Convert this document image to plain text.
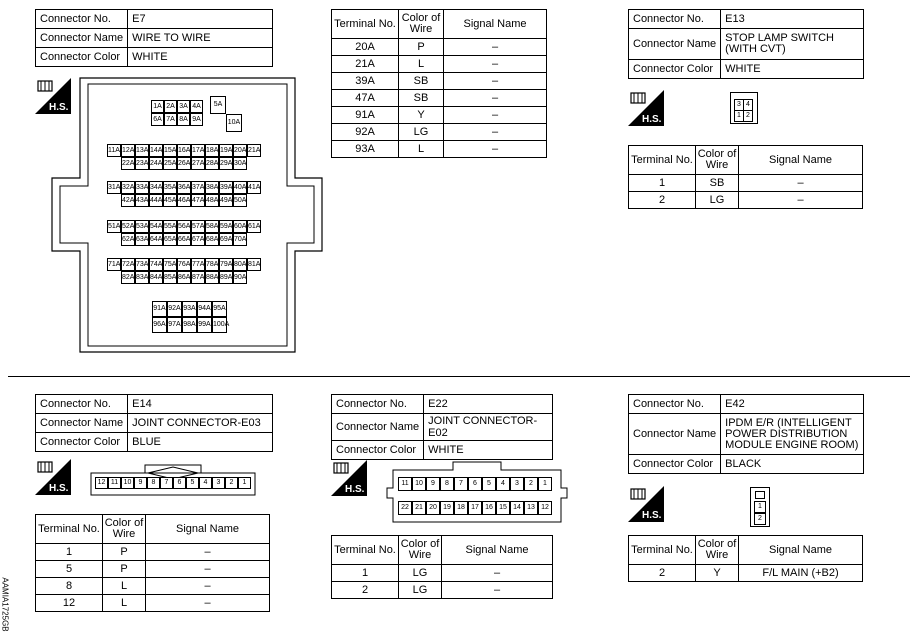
Connector No.	E7
Connector Name	WIRE TO WIRE
Connector Color	WHITE
H.S.	1A 2A 3A 4A
6A 7A 8A 9A
5A
10A
11A 12A 13A 14A 15A 16A 17A 18A 19A 20A 21A
22A 23A 24A 25A 26A 27A 28A 29A 30A
31A 32A 33A 34A 35A 36A 37A 38A 39A 40A 41A
42A 43A 44A 45A 46A 47A 48A 49A 50A
51A 52A 53A 54A 55A 56A 57A 58A 59A 60A 61A
62A 63A 64A 65A 66A 67A 68A 69A 70A
71A 72A 73A 74A 75A 76A 77A 78A 79A 80A 81A
82A 83A 84A 85A 86A 87A 88A 89A 90A
91A 92A 93A 94A 95A
96A 97A 98A 99A 100A
Terminal No.	Color of Wire	Signal Name
20A	P	–
21A	L	–
39A	SB	–
47A	SB	–
91A	Y	–
92A	LG	–
93A	L	–
Connector No.	E13
Connector Name	STOP LAMP SWITCH (WITH CVT)
Connector Color	WHITE
H.S.
3 4
1 2
Terminal No.	Color of Wire	Signal Name
1	SB	–
2	LG	–
Connector No.	E14
Connector Name	JOINT CONNECTOR-E03
Connector Color	BLUE
H.S.
12 11 10	9	8	7	6	5	4	3	2	1
Terminal No.	Color of Wire	Signal Name
1	P	–
5	P	–
8	L	–
12	L	–
Connector No.	E22
Connector Name	JOINT CONNECTOR-E02
Connector Color	WHITE
H.S.
11 10	9	8	7	6	5	4	3	2	1
22 21 20 19 18 17 16 15 14 13 12
Terminal No.	Color of Wire	Signal Name
1	LG	–
2	LG	–
Connector No.	E42
Connector Name	IPDM E/R (INTELLIGENT POWER DISTRIBUTION MODULE ENGINE ROOM)
Connector Color	BLACK
H.S.
1
2
Terminal No.	Color of Wire	Signal Name
2	Y	F/L MAIN (+B2)
AAMIA1725GB
